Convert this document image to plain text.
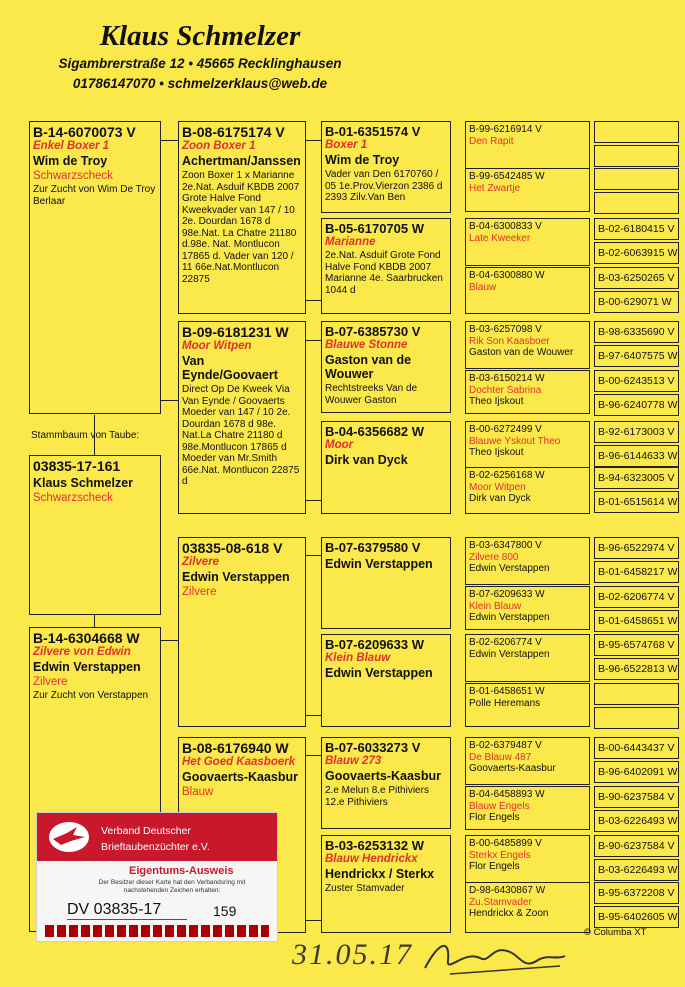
Klaus Schmelzer
Sigambrerstraße 12 • 45665 Recklinghausen
01786147070 • schmelzerklaus@web.de
B-14-6070073 V
Enkel Boxer 1
Wim de Troy
Schwarzscheck
Zur Zucht von Wim De Troy Berlaar
Stammbaum von Taube:
03835-17-161
Klaus Schmelzer
Schwarzscheck
B-14-6304668 W
Zilvere von Edwin
Edwin Verstappen
Zilvere
Zur Zucht von Verstappen
B-08-6175174 V
Zoon Boxer 1
Achertman/Janssen
Zoon Boxer 1 x Marianne 2e.Nat. Asduif KBDB 2007 Grote Halve Fond Kweekvader van 147 / 10 2e. Dourdan 1678 d 98e.Nat. La Chatre 21180 d.98e. Nat. Montlucon 17865 d. Vader van 120 / 11 66e.Nat.Montlucon 22875
B-09-6181231 W
Moor Witpen
Van Eynde/Goovaert
Direct Op De Kweek Via Van Eynde / Goovaerts Moeder van 147 / 10 2e. Dourdan 1678 d 98e. Nat.La Chatre 21180 d 98e.Montlucon 17865 d Moeder van Mr.Smith 66e.Nat. Montlucon 22875 d
03835-08-618 V
Zilvere
Edwin Verstappen
Zilvere
B-08-6176940 W
Het Goed Kaasboerk
Goovaerts-Kaasbur
Blauw
B-01-6351574 V
Boxer 1
Wim de Troy
Vader van Den 6170760 / 05 1e.Prov.Vierzon 2386 d 2393 Zilv.Van Ben
B-05-6170705 W
Marianne
2e.Nat. Asduif Grote Fond Halve Fond KBDB 2007 Marianne 4e. Saarbrucken 1044 d
B-07-6385730 V
Blauwe Stonne
Gaston van de Wouwer
Rechtstreeks Van de Wouwer Gaston
B-04-6356682 W
Moor
Dirk van Dyck
B-07-6379580 V
Edwin Verstappen
B-07-6209633 W
Klein Blauw
Edwin Verstappen
B-07-6033273 V
Blauw 273
Goovaerts-Kaasbur
2.e Melun 8.e Pithiviers 12.e Pithiviers
B-03-6253132 W
Blauw Hendrickx
Hendrickx / Sterkx
Zuster Stamvader
B-99-6216914 V
Den Rapit
B-99-6542485 W
Het Zwartje
B-04-6300833 V
Late Kweeker
B-04-6300880 W
Blauw
B-03-6257098 V
Rik Son Kaasboer
Gaston van de Wouwer
B-03-6150214 W
Dochter Sabrina
Theo Ijskout
B-00-6272499 V
Blauwe Yskout Theo
Theo Ijskout
B-02-6256168 W
Moor Witpen
Dirk van Dyck
B-03-6347800 V
Zilvere 800
Edwin Verstappen
B-07-6209633 W
Klein Blauw
Edwin Verstappen
B-02-6206774 V
Edwin Verstappen
B-01-6458651 W
Polle Heremans
B-02-6379487 V
De Blauw 487
Goovaerts-Kaasbur
B-04-6458893 W
Blauw Engels
Flor Engels
B-00-6485899 V
Sterkx Engels
Flor Engels
D-98-6430867 W
Zu.Stamvader
Hendrickx & Zoon
B-02-6180415 V
B-02-6063915 W
B-03-6250265 V
B-00-629071 W
B-98-6335690 V
B-97-6407575 W
B-00-6243513 V
B-96-6240778 W
B-92-6173003 V
B-96-6144633 W
B-94-6323005 V
B-01-6515614 W
B-96-6522974 V
B-01-6458217 W
B-02-6206774 V
B-01-6458651 W
B-95-6574768 V
B-96-6522813 W
B-00-6443437 V
B-96-6402091 W
B-90-6237584 V
B-03-6226493 W
B-90-6237584 V
B-03-6226493 W
B-95-6372208 V
B-95-6402605 W
Verband Deutscher
Brieftaubenzüchter e.V.
Eigentums-Ausweis
Der Besitzer dieser Karte hat den Verbandsring mit nachstehenden Zeichen erhalten:
DV 03835-17	159
31.05.17
© Columba XT
